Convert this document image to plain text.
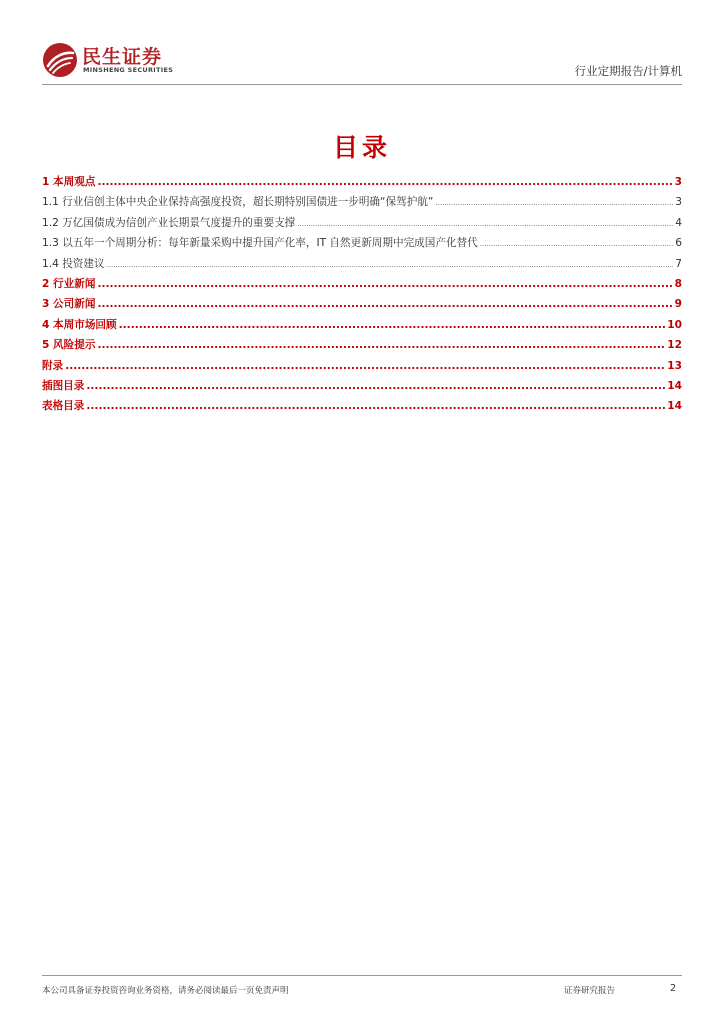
民生证券
MINSHENG SECURITIES	行业定期报告/计算机
目录
1 本周观点 .....	3
1.1 行业信创主体中央企业保持高强度投资，超长期特别国债进一步明确“保驾护航” .....	3
1.2 万亿国债成为信创产业长期景气度提升的重要支撑 .....	4
1.3 以五年一个周期分析：每年新量采购中提升国产化率，IT 自然更新周期中完成国产化替代 .....	6
1.4 投资建议 .....	7
2 行业新闻 .....	8
3 公司新闻 .....	9
4 本周市场回顾 .....	10
5 风险提示 .....	12
附录 .....	13
插图目录 .....	14
表格目录 .....	14
本公司具备证券投资咨询业务资格，请务必阅读最后一页免责声明	证券研究报告	2
